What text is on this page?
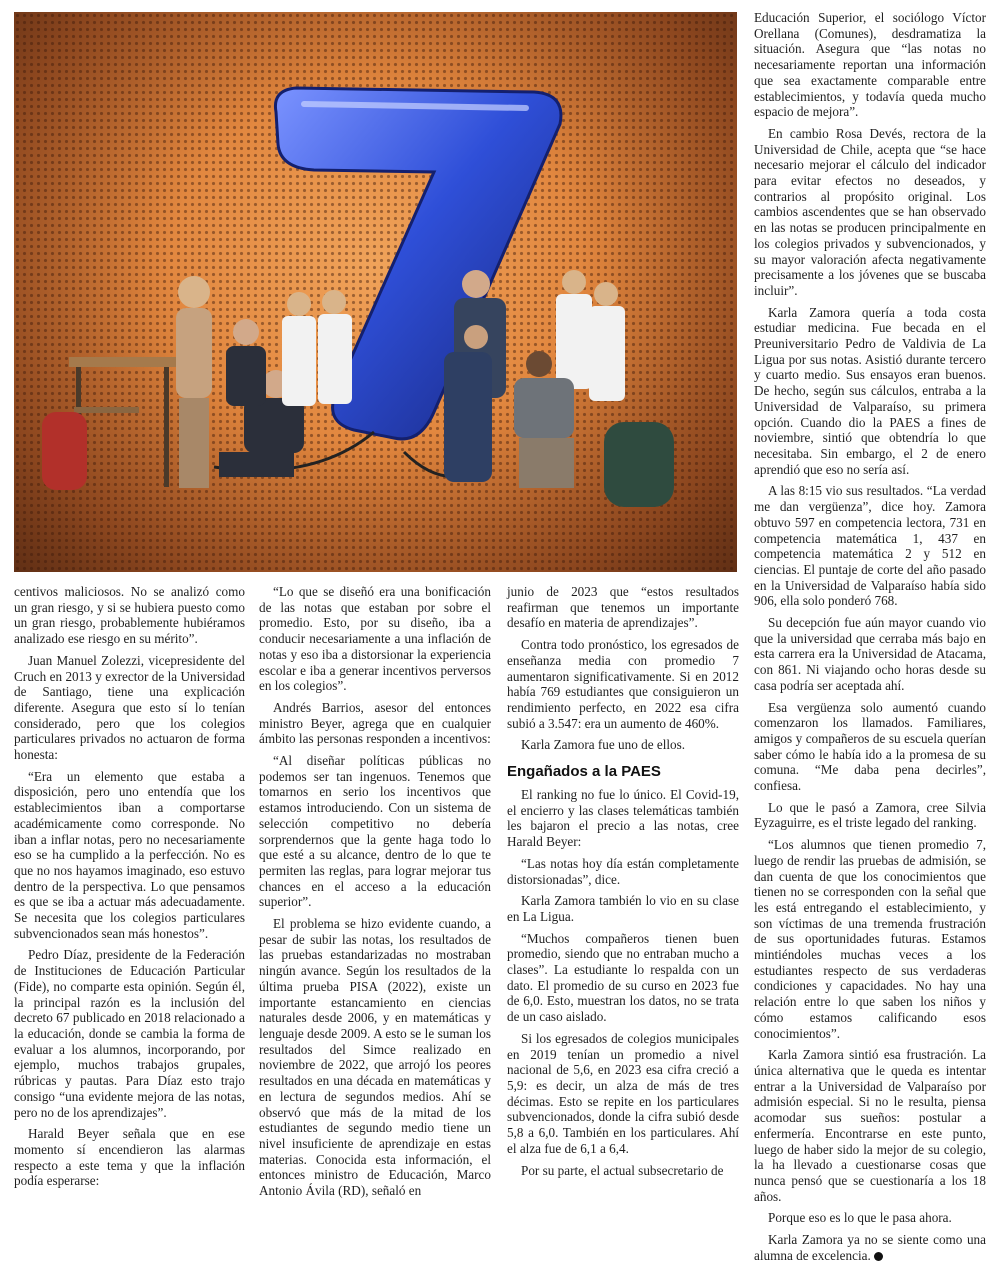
centivos maliciosos. No se analizó como un gran riesgo, y si se hubiera puesto como un gran riesgo, probablemente hubiéramos analizado ese riesgo en su mérito”.

Juan Manuel Zolezzi, vicepresidente del Cruch en 2013 y exrector de la Universidad de Santiago, tiene una explicación diferente. Asegura que esto sí lo tenían considerado, pero que los colegios particulares privados no actuaron de forma honesta:

“Era un elemento que estaba a disposición, pero uno entendía que los establecimientos iban a comportarse académicamente como corresponde. No iban a inflar notas, pero no necesariamente eso se ha cumplido a la perfección. No es que no nos hayamos imaginado, eso estuvo dentro de la perspectiva. Lo que pensamos es que se iba a actuar más adecuadamente. Se necesita que los colegios particulares subvencionados sean más honestos”.

Pedro Díaz, presidente de la Federación de Instituciones de Educación Particular (Fide), no comparte esta opinión. Según él, la principal razón es la inclusión del decreto 67 publicado en 2018 relacionado a la educación, donde se cambia la forma de evaluar a los alumnos, incorporando, por ejemplo, muchos trabajos grupales, rúbricas y pautas. Para Díaz esto trajo consigo “una evidente mejora de las notas, pero no de los aprendizajes”.

Harald Beyer señala que en ese momento sí encendieron las alarmas respecto a este tema y que la inflación podía esperarse:

“Lo que se diseñó era una bonificación de las notas que estaban por sobre el promedio. Esto, por su diseño, iba a conducir necesariamente a una inflación de notas y eso iba a distorsionar la experiencia escolar e iba a generar incentivos perversos en los colegios”.

Andrés Barrios, asesor del entonces ministro Beyer, agrega que en cualquier ámbito las personas responden a incentivos:

“Al diseñar políticas públicas no podemos ser tan ingenuos. Tenemos que tomarnos en serio los incentivos que estamos introduciendo. Con un sistema de selección competitivo no debería sorprendernos que la gente haga todo lo que esté a su alcance, dentro de lo que te permiten las reglas, para lograr mejorar tus chances en el acceso a la educación superior”.

El problema se hizo evidente cuando, a pesar de subir las notas, los resultados de las pruebas estandarizadas no mostraban ningún avance. Según los resultados de la última prueba PISA (2022), existe un importante estancamiento en ciencias naturales desde 2006, y en matemáticas y lenguaje desde 2009. A esto se le suman los resultados del Simce realizado en noviembre de 2022, que arrojó los peores resultados en una década en matemáticas y en lectura de segundos medios. Ahí se observó que más de la mitad de los estudiantes de segundo medio tiene un nivel insuficiente de aprendizaje en estas materias. Conocida esta información, el entonces ministro de Educación, Marco Antonio Ávila (RD), señaló en

junio de 2023 que “estos resultados reafirman que tenemos un importante desafío en materia de aprendizajes”.

Contra todo pronóstico, los egresados de enseñanza media con promedio 7 aumentaron significativamente. Si en 2012 había 769 estudiantes que consiguieron un rendimiento perfecto, en 2022 esa cifra subió a 3.547: era un aumento de 460%.

Karla Zamora fue uno de ellos.

Engañados a la PAES

El ranking no fue lo único. El Covid-19, el encierro y las clases telemáticas también les bajaron el precio a las notas, cree Harald Beyer:

“Las notas hoy día están completamente distorsionadas”, dice.

Karla Zamora también lo vio en su clase en La Ligua.

“Muchos compañeros tienen buen promedio, siendo que no entraban mucho a clases”. La estudiante lo respalda con un dato. El promedio de su curso en 2023 fue de 6,0. Esto, muestran los datos, no se trata de un caso aislado.

Si los egresados de colegios municipales en 2019 tenían un promedio a nivel nacional de 5,6, en 2023 esa cifra creció a 5,9: es decir, un alza de más de tres décimas. Esto se repite en los particulares subvencionados, donde la cifra subió desde 5,8 a 6,0. También en los particulares. Ahí el alza fue de 6,1 a 6,4.

Por su parte, el actual subsecretario de

Educación Superior, el sociólogo Víctor Orellana (Comunes), desdramatiza la situación. Asegura que “las notas no necesariamente reportan una información que sea exactamente comparable entre establecimientos, y todavía queda mucho espacio de mejora”.

En cambio Rosa Devés, rectora de la Universidad de Chile, acepta que “se hace necesario mejorar el cálculo del indicador para evitar efectos no deseados, y contrarios al propósito original. Los cambios ascendentes que se han observado en las notas se producen principalmente en los colegios privados y subvencionados, y su mayor valoración afecta negativamente precisamente a los jóvenes que se buscaba incluir”.

Karla Zamora quería a toda costa estudiar medicina. Fue becada en el Preuniversitario Pedro de Valdivia de La Ligua por sus notas. Asistió durante tercero y cuarto medio. Sus ensayos eran buenos. De hecho, según sus cálculos, entraba a la Universidad de Valparaíso, su primera opción. Cuando dio la PAES a fines de noviembre, sintió que obtendría lo que necesitaba. Sin embargo, el 2 de enero aprendió que eso no sería así.

A las 8:15 vio sus resultados. “La verdad me dan vergüenza”, dice hoy. Zamora obtuvo 597 en competencia lectora, 731 en competencia matemática 1, 437 en competencia matemática 2 y 512 en ciencias. El puntaje de corte del año pasado en la Universidad de Valparaíso había sido 906, ella solo ponderó 768.

Su decepción fue aún mayor cuando vio que la universidad que cerraba más bajo en esta carrera era la Universidad de Atacama, con 861. Ni viajando ocho horas desde su casa podría ser aceptada ahí.

Esa vergüenza solo aumentó cuando comenzaron los llamados. Familiares, amigos y compañeros de su escuela querían saber cómo le había ido a la promesa de su comuna. “Me daba pena decirles”, confiesa.

Lo que le pasó a Zamora, cree Silvia Eyzaguirre, es el triste legado del ranking.

“Los alumnos que tienen promedio 7, luego de rendir las pruebas de admisión, se dan cuenta de que los conocimientos que tienen no se corresponden con la señal que les está entregando el establecimiento, y son víctimas de una tremenda frustración de sus oportunidades futuras. Estamos mintiéndoles muchas veces a los estudiantes respecto de sus verdaderas condiciones y capacidades. No hay una relación entre lo que saben los niños y cómo estamos calificando esos conocimientos”.

Karla Zamora sintió esa frustración. La única alternativa que le queda es intentar entrar a la Universidad de Valparaíso por admisión especial. Si no le resulta, piensa acomodar sus sueños: postular a enfermería. Encontrarse en este punto, luego de haber sido la mejor de su colegio, la ha llevado a cuestionarse cosas que nunca pensó que se cuestionaría a los 18 años.

Porque eso es lo que le pasa ahora.

Karla Zamora ya no se siente como una alumna de excelencia.
